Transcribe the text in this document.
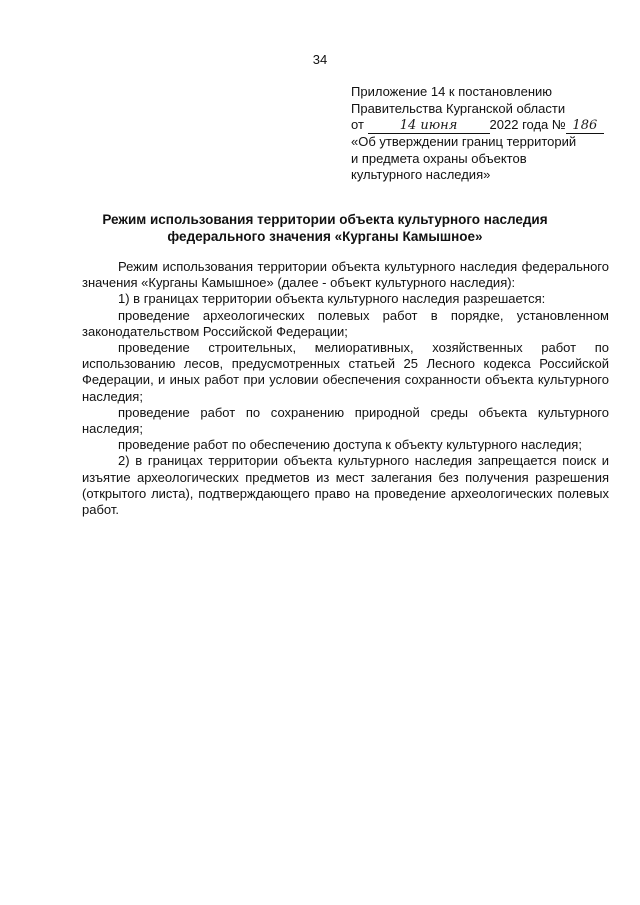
34
Приложение 14 к постановлению
Правительства Курганской области
от	14 июня 2022 года № 186
«Об утверждении границ территорий
и предмета охраны объектов
культурного наследия»
Режим использования территории объекта культурного наследия
федерального значения «Курганы Камышное»

Режим использования территории объекта культурного наследия федерального значения «Курганы Камышное» (далее - объект культурного наследия):

1) в границах территории объекта культурного наследия разрешается:

проведение археологических полевых работ в порядке, установленном законодательством Российской Федерации;

проведение строительных, мелиоративных, хозяйственных работ по использованию лесов, предусмотренных статьей 25 Лесного кодекса Российской Федерации, и иных работ при условии обеспечения сохранности объекта культурного наследия;

проведение работ по сохранению природной среды объекта культурного наследия;

проведение работ по обеспечению доступа к объекту культурного наследия;

2) в границах территории объекта культурного наследия запрещается поиск и изъятие археологических предметов из мест залегания без получения разрешения (открытого листа), подтверждающего право на проведение археологических полевых работ.
